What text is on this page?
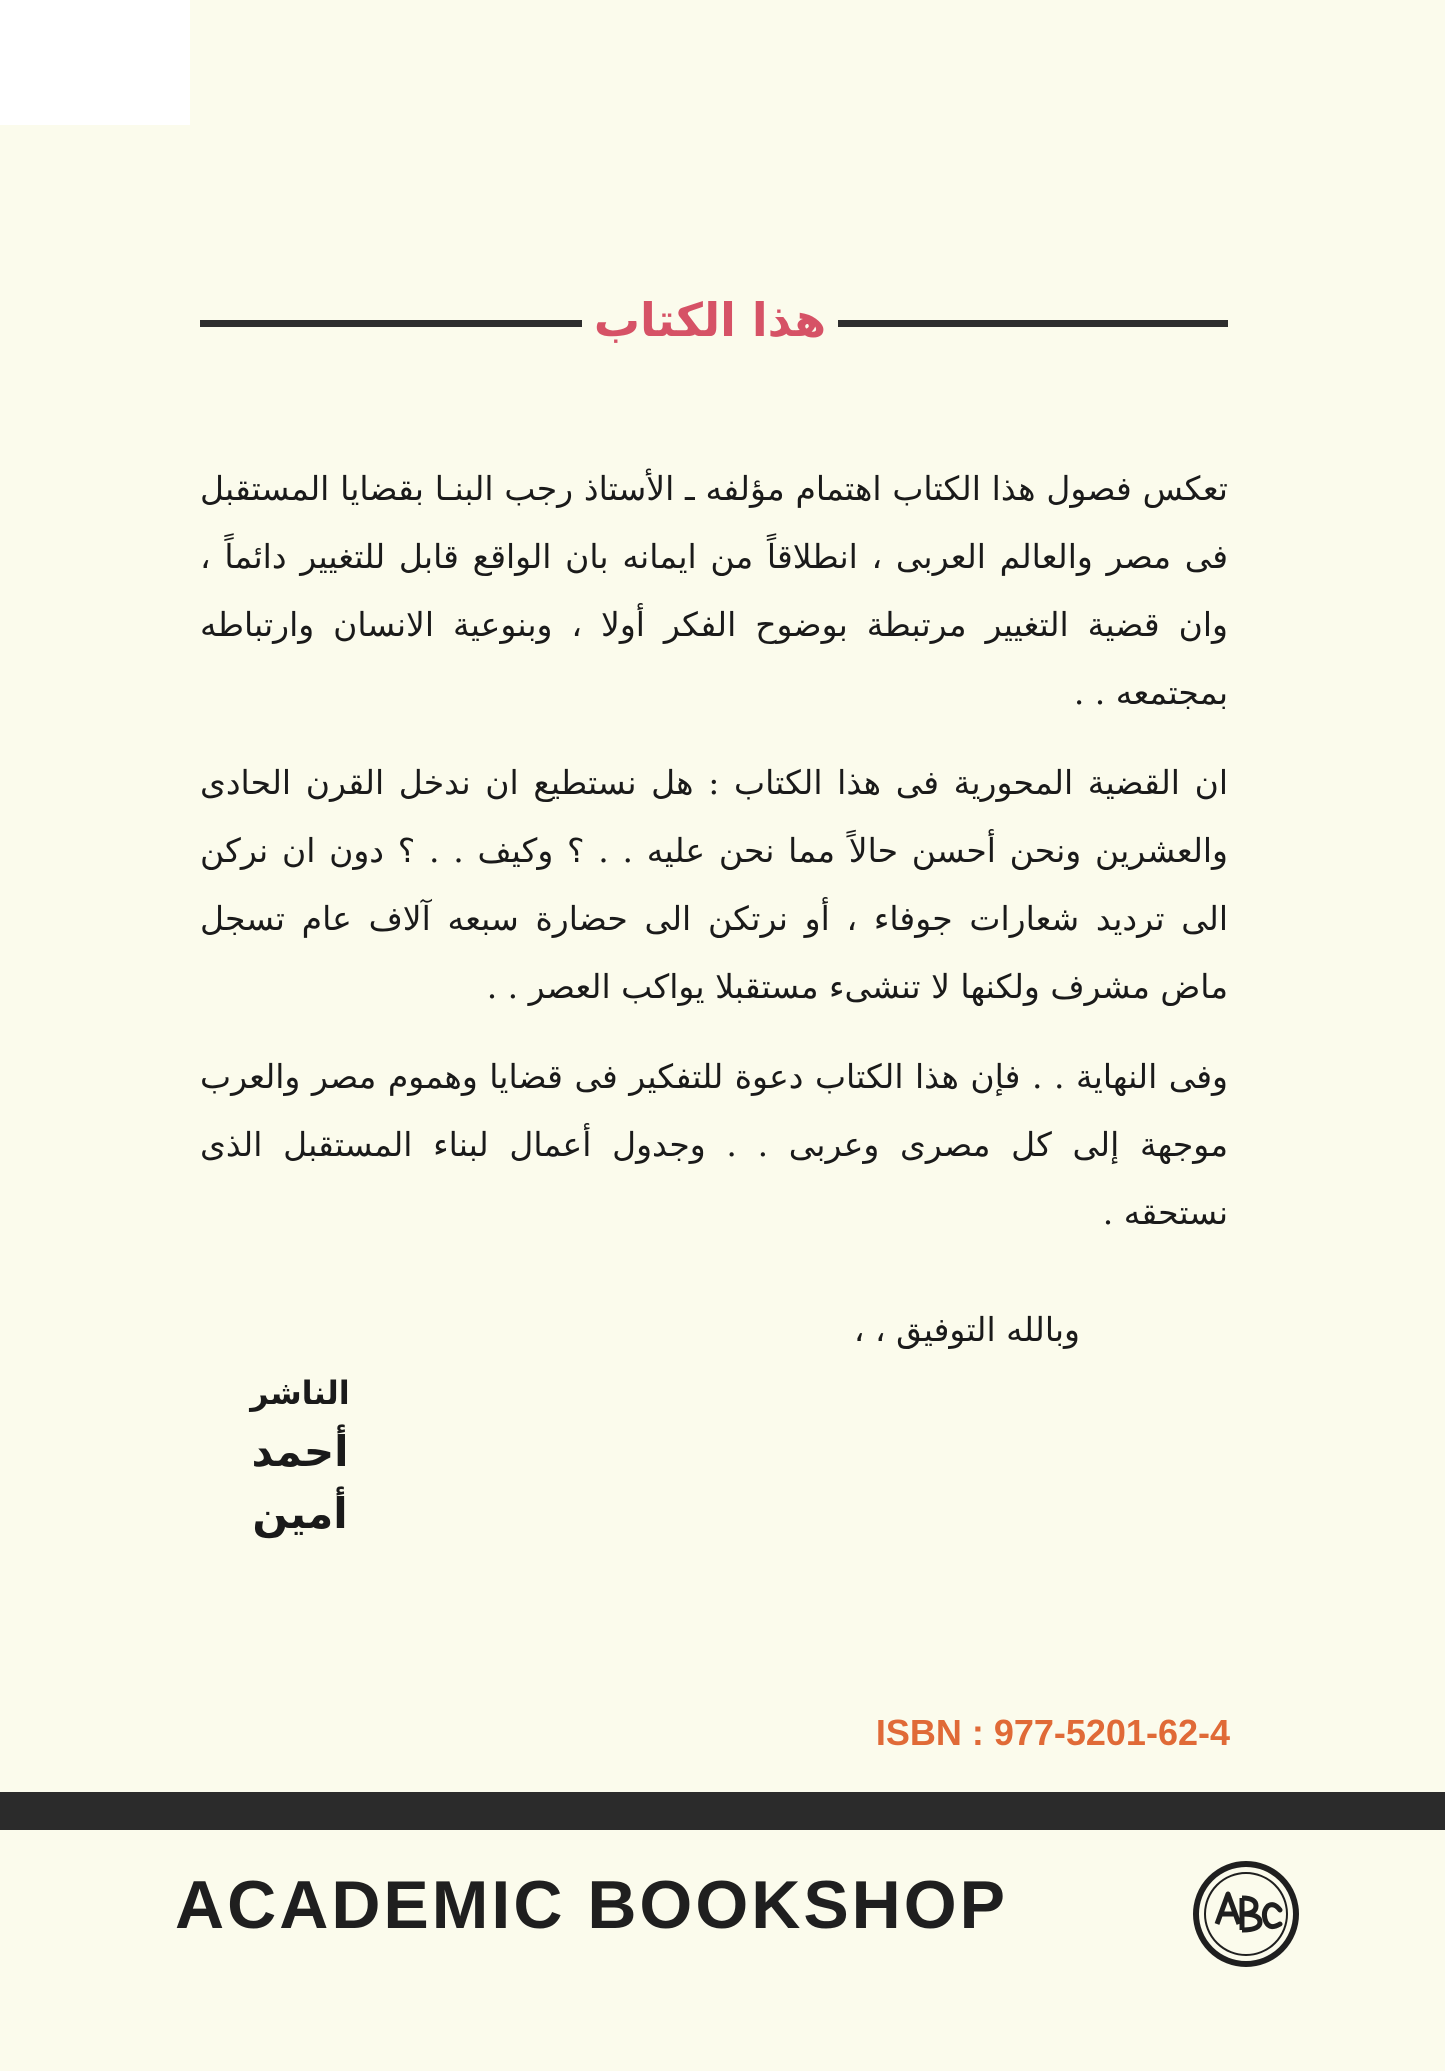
هذا الكتاب

تعكس فصول هذا الكتاب اهتمام مؤلفه ـ الأستاذ رجب البنـا بقضايا المستقبل فى مصر والعالم العربى ، انطلاقاً من ايمانه بان الواقع قابل للتغيير دائماً ، وان قضية التغيير مرتبطة بوضوح الفكر أولا ، وبنوعية الانسان وارتباطه بمجتمعه . .

ان القضية المحورية فى هذا الكتاب : هل نستطيع ان ندخل القرن الحادى والعشرين ونحن أحسن حالاً مما نحن عليه . . ؟ وكيف . . ؟ دون ان نركن الى ترديد شعارات جوفاء ، أو نرتكن الى حضارة سبعه آلاف عام تسجل ماض مشرف ولكنها لا تنشىء مستقبلا يواكب العصر . .

وفى النهاية . . فإن هذا الكتاب دعوة للتفكير فى قضايا وهموم مصر والعرب موجهة إلى كل مصرى وعربى . . وجدول أعمال لبناء المستقبل الذى نستحقه .

وبالله التوفيق ، ،
الناشر
أحمد أمين
ISBN : 977-5201-62-4
ACADEMIC BOOKSHOP
